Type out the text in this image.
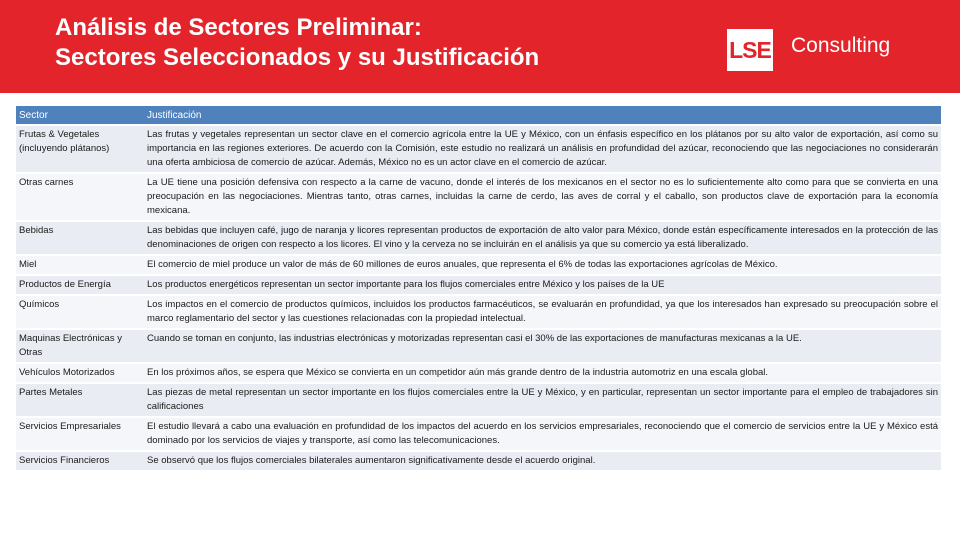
Análisis de Sectores Preliminar:
Sectores Seleccionados y su Justificación	LSE Consulting
Sector	Justificación
Frutas & Vegetales (incluyendo plátanos)	Las frutas y vegetales representan un sector clave en el comercio agrícola entre la UE y México, con un énfasis específico en los plátanos por su alto valor de exportación, así como su importancia en las regiones exteriores. De acuerdo con la Comisión, este estudio no realizará un análisis en profundidad del azúcar, reconociendo que las negociaciones no considerarán una oferta ambiciosa de comercio de azúcar. Además, México no es un actor clave en el comercio de azúcar.
Otras carnes	La UE tiene una posición defensiva con respecto a la carne de vacuno, donde el interés de los mexicanos en el sector no es lo suficientemente alto como para que se convierta en una preocupación en las negociaciones. Mientras tanto, otras carnes, incluidas la carne de cerdo, las aves de corral y el caballo, son productos clave de exportación para la economía mexicana.
Bebidas	Las bebidas que incluyen café, jugo de naranja y licores representan productos de exportación de alto valor para México, donde están específicamente interesados en la protección de las denominaciones de origen con respecto a los licores. El vino y la cerveza no se incluirán en el análisis ya que su comercio ya está liberalizado.
Miel	El comercio de miel produce un valor de más de 60 millones de euros anuales, que representa el 6% de todas las exportaciones agrícolas de México.
Productos de Energía	Los productos energéticos representan un sector importante para los flujos comerciales entre México y los países de la UE
Químicos	Los impactos en el comercio de productos químicos, incluidos los productos farmacéuticos, se evaluarán en profundidad, ya que los interesados han expresado su preocupación sobre el marco reglamentario del sector y las cuestiones relacionadas con la propiedad intelectual.
Maquinas Electrónicas y Otras	Cuando se toman en conjunto, las industrias electrónicas y motorizadas representan casi el 30% de las exportaciones de manufacturas mexicanas a la UE.
Vehículos Motorizados	En los próximos años, se espera que México se convierta en un competidor aún más grande dentro de la industria automotriz en una escala global.
Partes Metales	Las piezas de metal representan un sector importante en los flujos comerciales entre la UE y México, y en particular, representan un sector importante para el empleo de trabajadores sin calificaciones
Servicios Empresariales	El estudio llevará a cabo una evaluación en profundidad de los impactos del acuerdo en los servicios empresariales, reconociendo que el comercio de servicios entre la UE y México está dominado por los servicios de viajes y transporte, así como las telecomunicaciones.
Servicios Financieros	Se observó que los flujos comerciales bilaterales aumentaron significativamente desde el acuerdo original.
